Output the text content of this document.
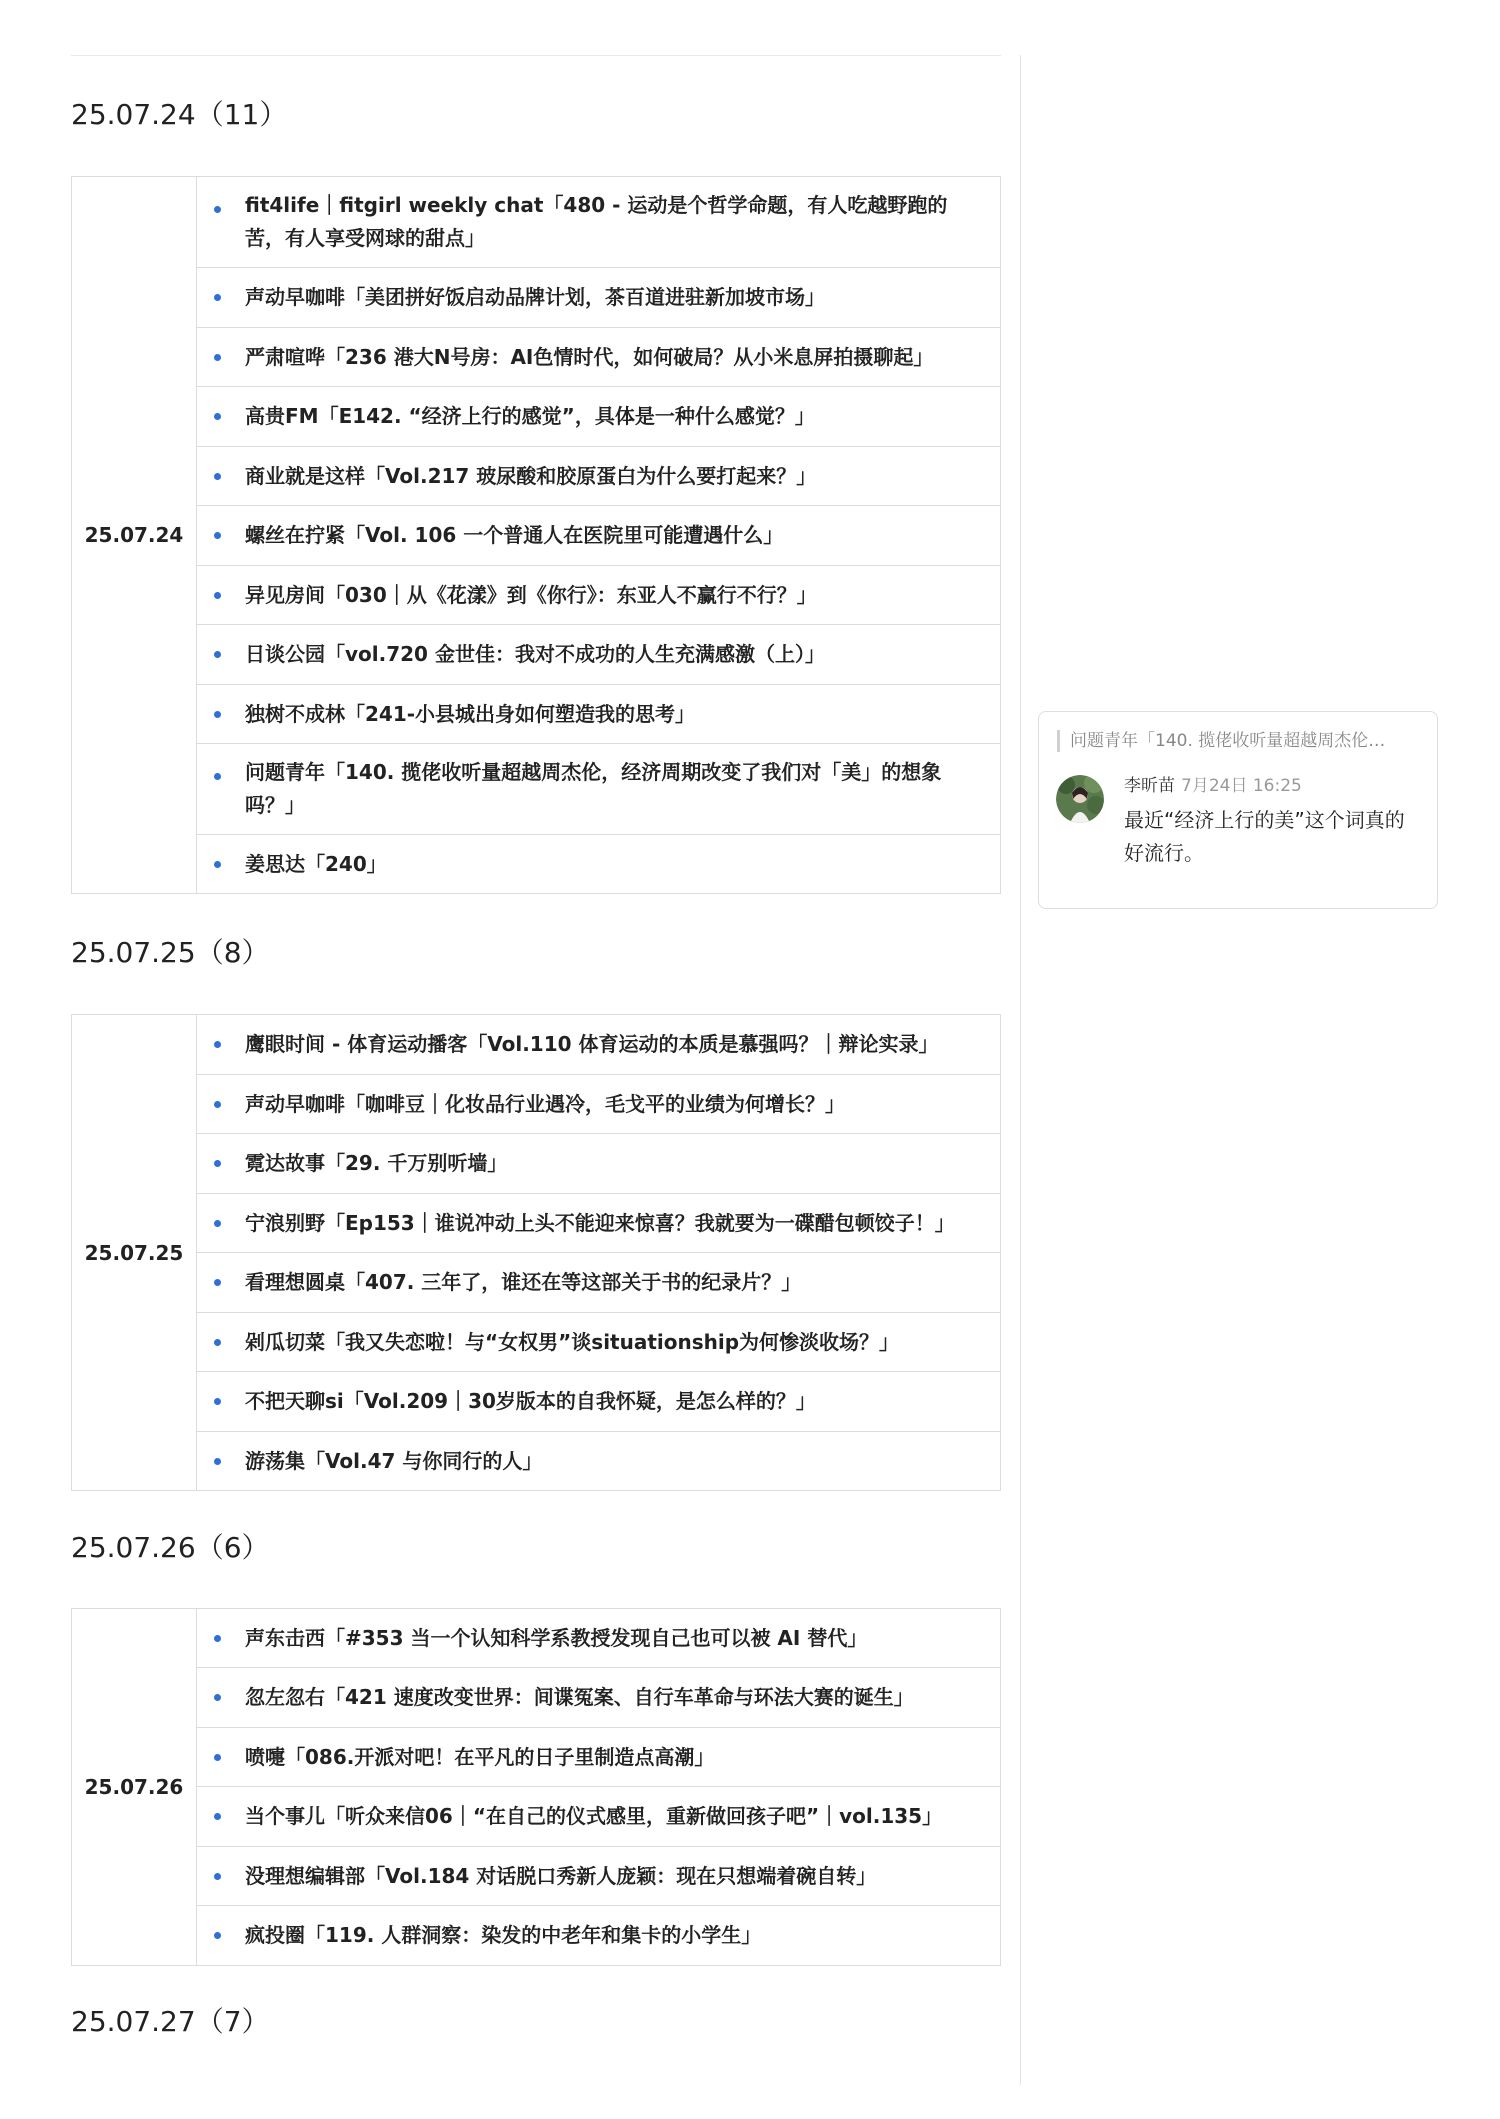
25.07.24（11）
25.07.24	
fit4life｜fitgirl weekly chat「480 - 运动是个哲学命题，有人吃越野跑的苦，有人享受网球的甜点」

声动早咖啡「美团拼好饭启动品牌计划，茶百道进驻新加坡市场」

严肃喧哗「236 港大N号房：AI色情时代，如何破局？从小米息屏拍摄聊起」

高贵FM「E142. “经济上行的感觉”，具体是一种什么感觉？」

商业就是这样「Vol.217 玻尿酸和胶原蛋白为什么要打起来？」

螺丝在拧紧「Vol. 106 一个普通人在医院里可能遭遇什么」

异见房间「030｜从《花漾》到《你行》：东亚人不赢行不行？」

日谈公园「vol.720 金世佳：我对不成功的人生充满感激（上）」

独树不成林「241-小县城出身如何塑造我的思考」

问题青年「140. 揽佬收听量超越周杰伦，经济周期改变了我们对「美」的想象吗？」

姜思达「240」
25.07.25（8）
25.07.25	
鹰眼时间 - 体育运动播客「Vol.110 体育运动的本质是慕强吗？｜辩论实录」

声动早咖啡「咖啡豆｜化妆品行业遇冷，毛戈平的业绩为何增长？」

霓达故事「29. 千万别听墙」

宁浪别野「Ep153｜谁说冲动上头不能迎来惊喜？我就要为一碟醋包顿饺子！」

看理想圆桌「407. 三年了，谁还在等这部关于书的纪录片？」

剁瓜切菜「我又失恋啦！与“女权男”谈situationship为何惨淡收场？」

不把天聊si「Vol.209｜30岁版本的自我怀疑，是怎么样的？」

游荡集「Vol.47 与你同行的人」
25.07.26（6）
25.07.26	
声东击西「#353 当一个认知科学系教授发现自己也可以被 AI 替代」

忽左忽右「421 速度改变世界：间谍冤案、自行车革命与环法大赛的诞生」

喷嚏「086.开派对吧！在平凡的日子里制造点高潮」

当个事儿「听众来信06｜“在自己的仪式感里，重新做回孩子吧”｜vol.135」

没理想编辑部「Vol.184 对话脱口秀新人庞颖：现在只想端着碗自转」

疯投圈「119. 人群洞察：染发的中老年和集卡的小学生」
25.07.27（7）
问题青年「140. 揽佬收听量超越周杰伦…
李昕苗 7月24日 16:25
最近“经济上行的美”这个词真的好流行。
